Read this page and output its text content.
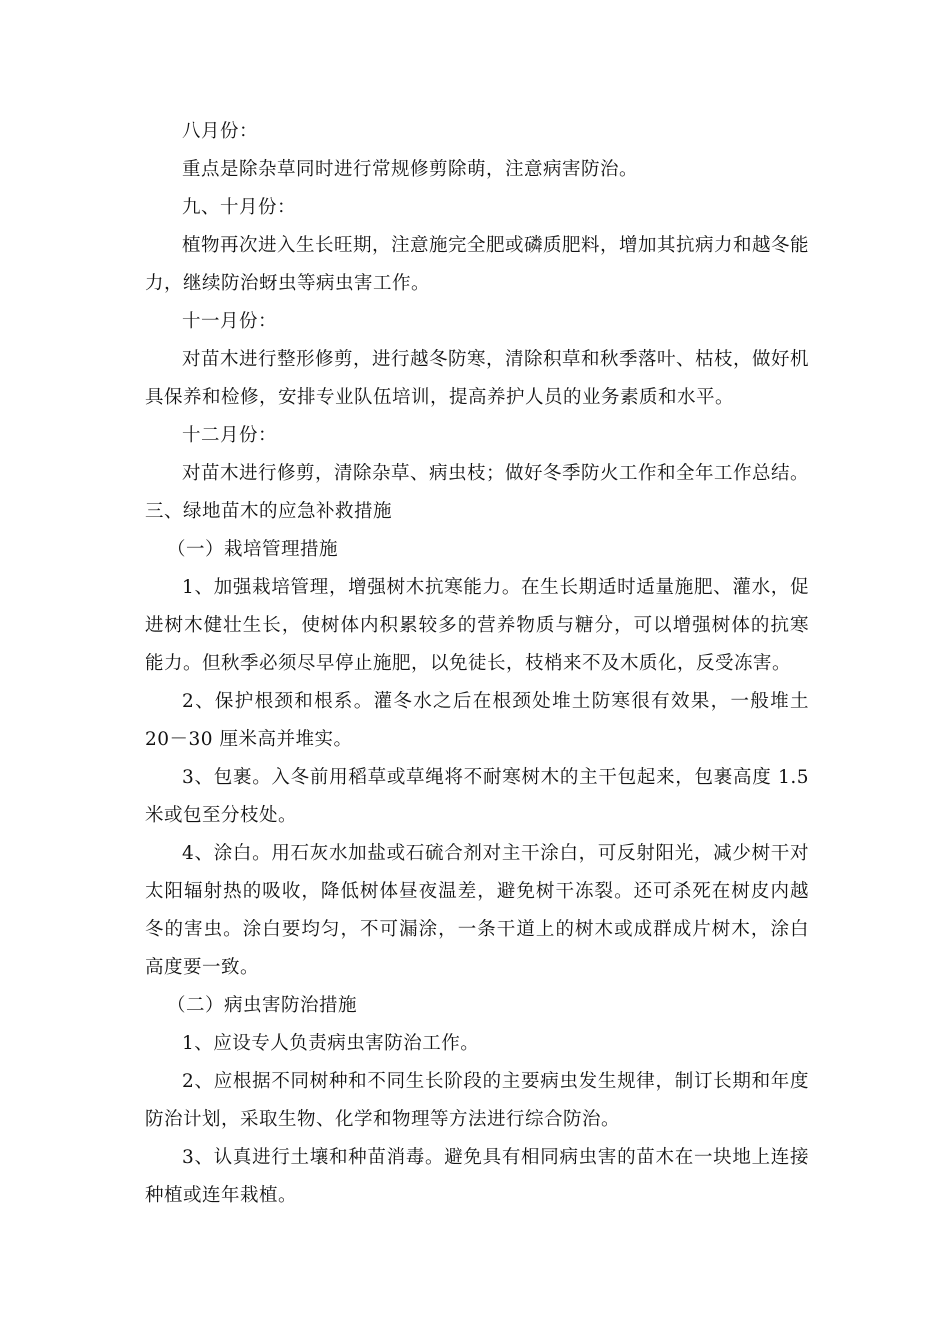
八月份：

重点是除杂草同时进行常规修剪除萌，注意病害防治。

九、十月份：

植物再次进入生长旺期，注意施完全肥或磷质肥料，增加其抗病力和越冬能力，继续防治蚜虫等病虫害工作。

十一月份：

对苗木进行整形修剪，进行越冬防寒，清除积草和秋季落叶、枯枝，做好机具保养和检修，安排专业队伍培训，提高养护人员的业务素质和水平。

十二月份：

对苗木进行修剪，清除杂草、病虫枝；做好冬季防火工作和全年工作总结。

三、绿地苗木的应急补救措施

（一）栽培管理措施

1、加强栽培管理，增强树木抗寒能力。在生长期适时适量施肥、灌水，促进树木健壮生长，使树体内积累较多的营养物质与糖分，可以增强树体的抗寒能力。但秋季必须尽早停止施肥，以免徒长，枝梢来不及木质化，反受冻害。

2、保护根颈和根系。灌冬水之后在根颈处堆土防寒很有效果，一般堆土 20－30 厘米高并堆实。

3、包裹。入冬前用稻草或草绳将不耐寒树木的主干包起来，包裹高度 1.5 米或包至分枝处。

4、涂白。用石灰水加盐或石硫合剂对主干涂白，可反射阳光，减少树干对太阳辐射热的吸收，降低树体昼夜温差，避免树干冻裂。还可杀死在树皮内越冬的害虫。涂白要均匀，不可漏涂，一条干道上的树木或成群成片树木，涂白高度要一致。

（二）病虫害防治措施

1、应设专人负责病虫害防治工作。

2、应根据不同树种和不同生长阶段的主要病虫发生规律，制订长期和年度防治计划，采取生物、化学和物理等方法进行综合防治。

3、认真进行土壤和种苗消毒。避免具有相同病虫害的苗木在一块地上连接种植或连年栽植。
